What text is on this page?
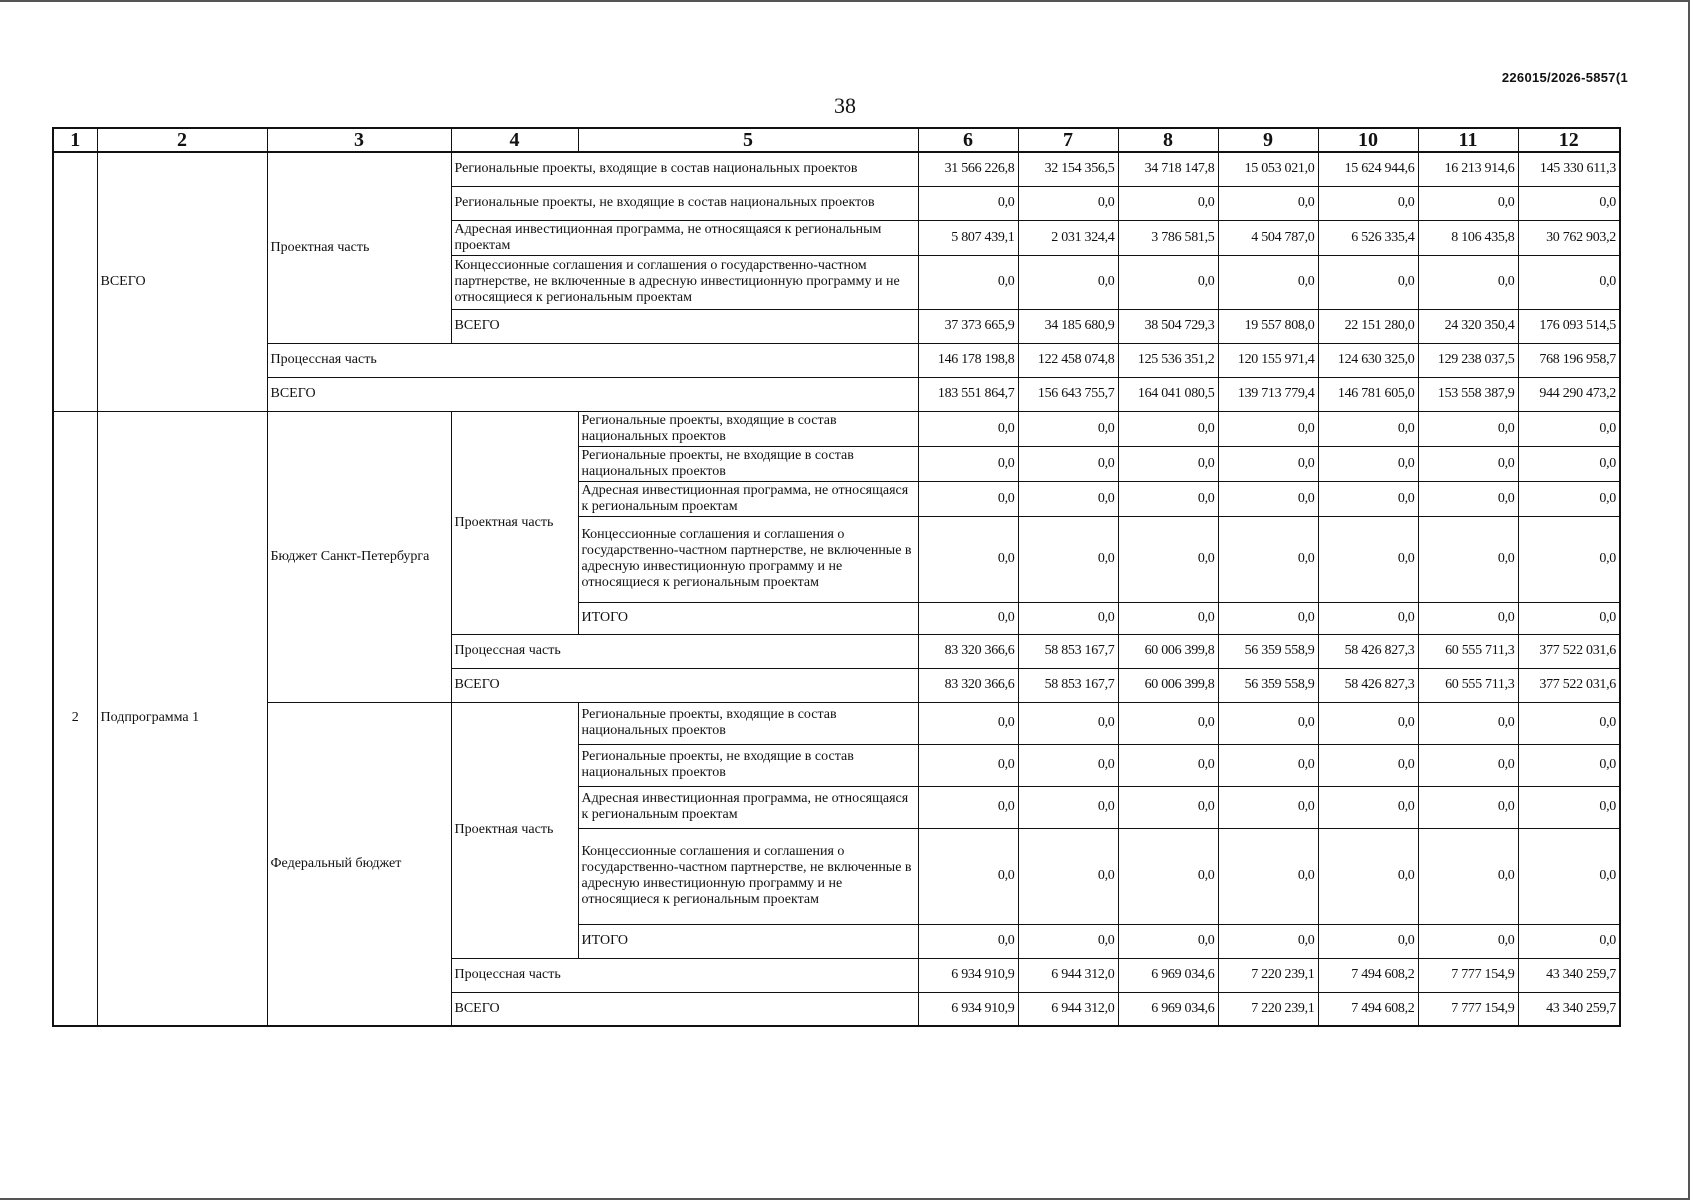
226015/2026-5857(1
38
1	2	3	4	5	6	7	8	9	10	11	12
	ВСЕГО	Проектная часть	Региональные проекты, входящие в состав национальных проектов		31 566 226,8	32 154 356,5	34 718 147,8	15 053 021,0	15 624 944,6	16 213 914,6	145 330 611,3
			Региональные проекты, не входящие в состав национальных проектов		0,0	0,0	0,0	0,0	0,0	0,0	0,0
			Адресная инвестиционная программа, не относящаяся к региональным проектам		5 807 439,1	2 031 324,4	3 786 581,5	4 504 787,0	6 526 335,4	8 106 435,8	30 762 903,2
			Концессионные соглашения и соглашения о государственно-частном партнерстве, не включенные в адресную инвестиционную программу и не относящиеся к региональным проектам		0,0	0,0	0,0	0,0	0,0	0,0	0,0
			ВСЕГО		37 373 665,9	34 185 680,9	38 504 729,3	19 557 808,0	22 151 280,0	24 320 350,4	176 093 514,5
		Процессная часть			146 178 198,8	122 458 074,8	125 536 351,2	120 155 971,4	124 630 325,0	129 238 037,5	768 196 958,7
		ВСЕГО			183 551 864,7	156 643 755,7	164 041 080,5	139 713 779,4	146 781 605,0	153 558 387,9	944 290 473,2
2	Подпрограмма 1	Бюджет Санкт-Петербурга	Проектная часть	Региональные проекты, входящие в состав национальных проектов	0,0	0,0	0,0	0,0	0,0	0,0	0,0
				Региональные проекты, не входящие в состав национальных проектов	0,0	0,0	0,0	0,0	0,0	0,0	0,0
				Адресная инвестиционная программа, не относящаяся к региональным проектам	0,0	0,0	0,0	0,0	0,0	0,0	0,0
				Концессионные соглашения и соглашения о государственно-частном партнерстве, не включенные в адресную инвестиционную программу и не относящиеся к региональным проектам	0,0	0,0	0,0	0,0	0,0	0,0	0,0
				ИТОГО	0,0	0,0	0,0	0,0	0,0	0,0	0,0
			Процессная часть		83 320 366,6	58 853 167,7	60 006 399,8	56 359 558,9	58 426 827,3	60 555 711,3	377 522 031,6
			ВСЕГО		83 320 366,6	58 853 167,7	60 006 399,8	56 359 558,9	58 426 827,3	60 555 711,3	377 522 031,6
		Федеральный бюджет	Проектная часть	Региональные проекты, входящие в состав национальных проектов	0,0	0,0	0,0	0,0	0,0	0,0	0,0
				Региональные проекты, не входящие в состав национальных проектов	0,0	0,0	0,0	0,0	0,0	0,0	0,0
				Адресная инвестиционная программа, не относящаяся к региональным проектам	0,0	0,0	0,0	0,0	0,0	0,0	0,0
				Концессионные соглашения и соглашения о государственно-частном партнерстве, не включенные в адресную инвестиционную программу и не относящиеся к региональным проектам	0,0	0,0	0,0	0,0	0,0	0,0	0,0
				ИТОГО	0,0	0,0	0,0	0,0	0,0	0,0	0,0
			Процессная часть		6 934 910,9	6 944 312,0	6 969 034,6	7 220 239,1	7 494 608,2	7 777 154,9	43 340 259,7
			ВСЕГО		6 934 910,9	6 944 312,0	6 969 034,6	7 220 239,1	7 494 608,2	7 777 154,9	43 340 259,7
